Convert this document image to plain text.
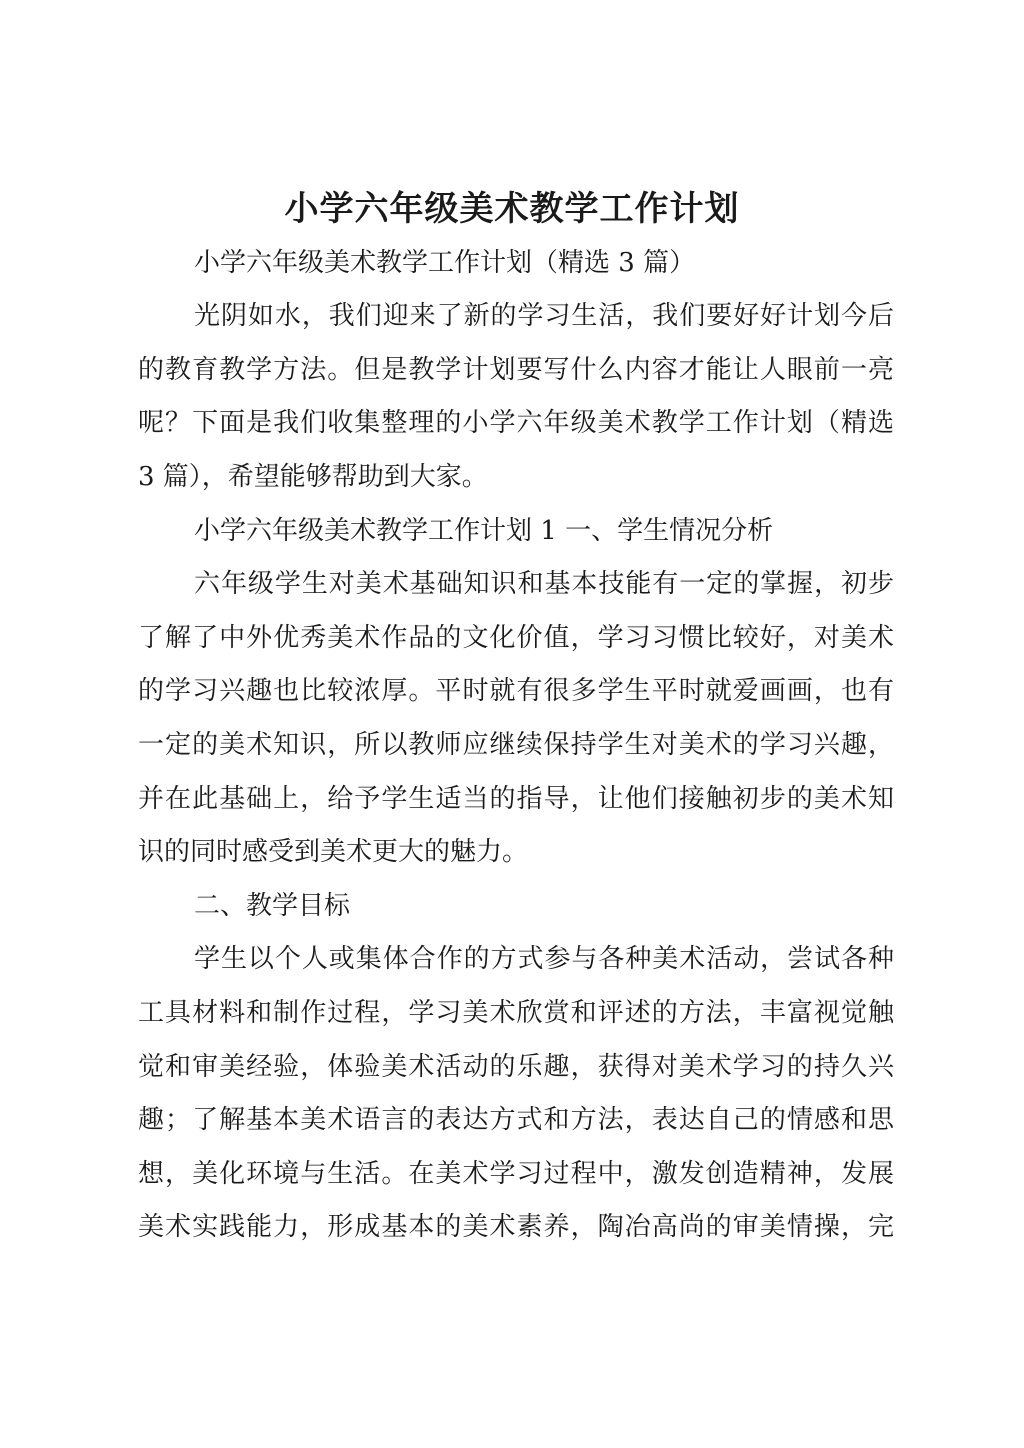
小学六年级美术教学工作计划
小学六年级美术教学工作计划（精选 3 篇）
光阴如水，我们迎来了新的学习生活，我们要好好计划今后
的教育教学方法。但是教学计划要写什么内容才能让人眼前一亮
呢？下面是我们收集整理的小学六年级美术教学工作计划（精选
3 篇），希望能够帮助到大家。
小学六年级美术教学工作计划 1 一、学生情况分析
六年级学生对美术基础知识和基本技能有一定的掌握，初步
了解了中外优秀美术作品的文化价值，学习习惯比较好，对美术
的学习兴趣也比较浓厚。平时就有很多学生平时就爱画画，也有
一定的美术知识，所以教师应继续保持学生对美术的学习兴趣，
并在此基础上，给予学生适当的指导，让他们接触初步的美术知
识的同时感受到美术更大的魅力。
二、教学目标
学生以个人或集体合作的方式参与各种美术活动，尝试各种
工具材料和制作过程，学习美术欣赏和评述的方法，丰富视觉触
觉和审美经验，体验美术活动的乐趣，获得对美术学习的持久兴
趣；了解基本美术语言的表达方式和方法，表达自己的情感和思
想，美化环境与生活。在美术学习过程中，激发创造精神，发展
美术实践能力，形成基本的美术素养，陶冶高尚的审美情操，完
